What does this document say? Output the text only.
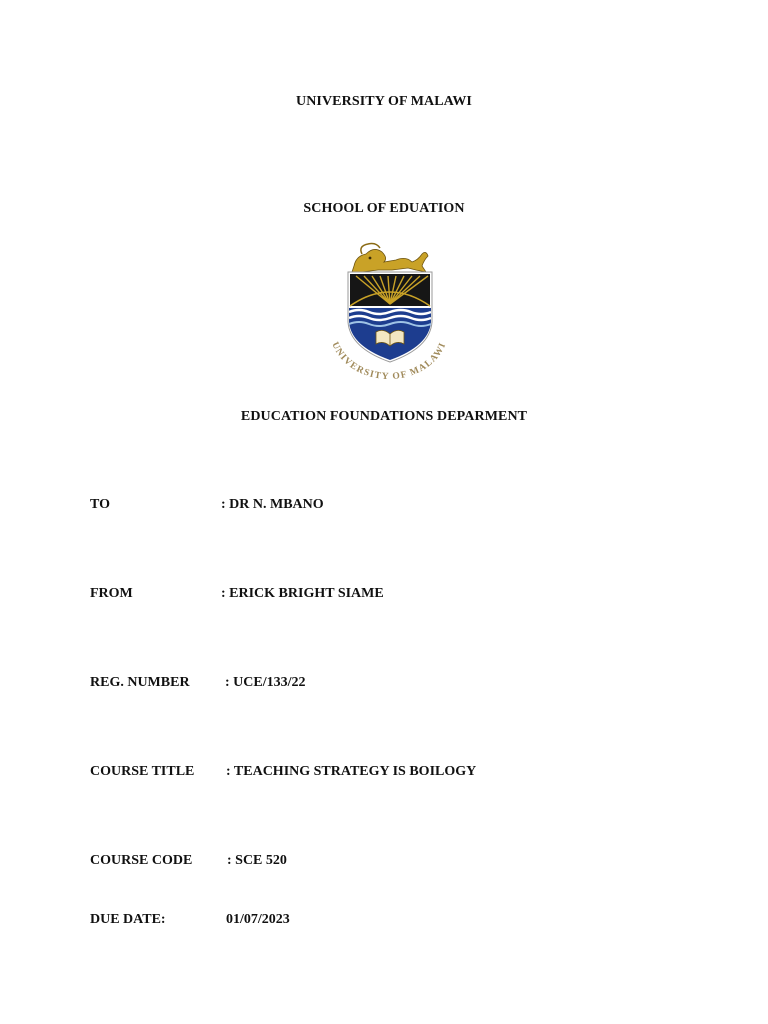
UNIVERSITY OF MALAWI
SCHOOL OF EDUATION
UNIVERSITY OF MALAWI
EDUCATION FOUNDATIONS DEPARMENT
TO	: DR N. MBANO
FROM	: ERICK BRIGHT SIAME
REG. NUMBER	: UCE/133/22
COURSE TITLE : TEACHING STRATEGY IS BOILOGY
COURSE CODE : SCE 520
DUE DATE:	01/07/2023
